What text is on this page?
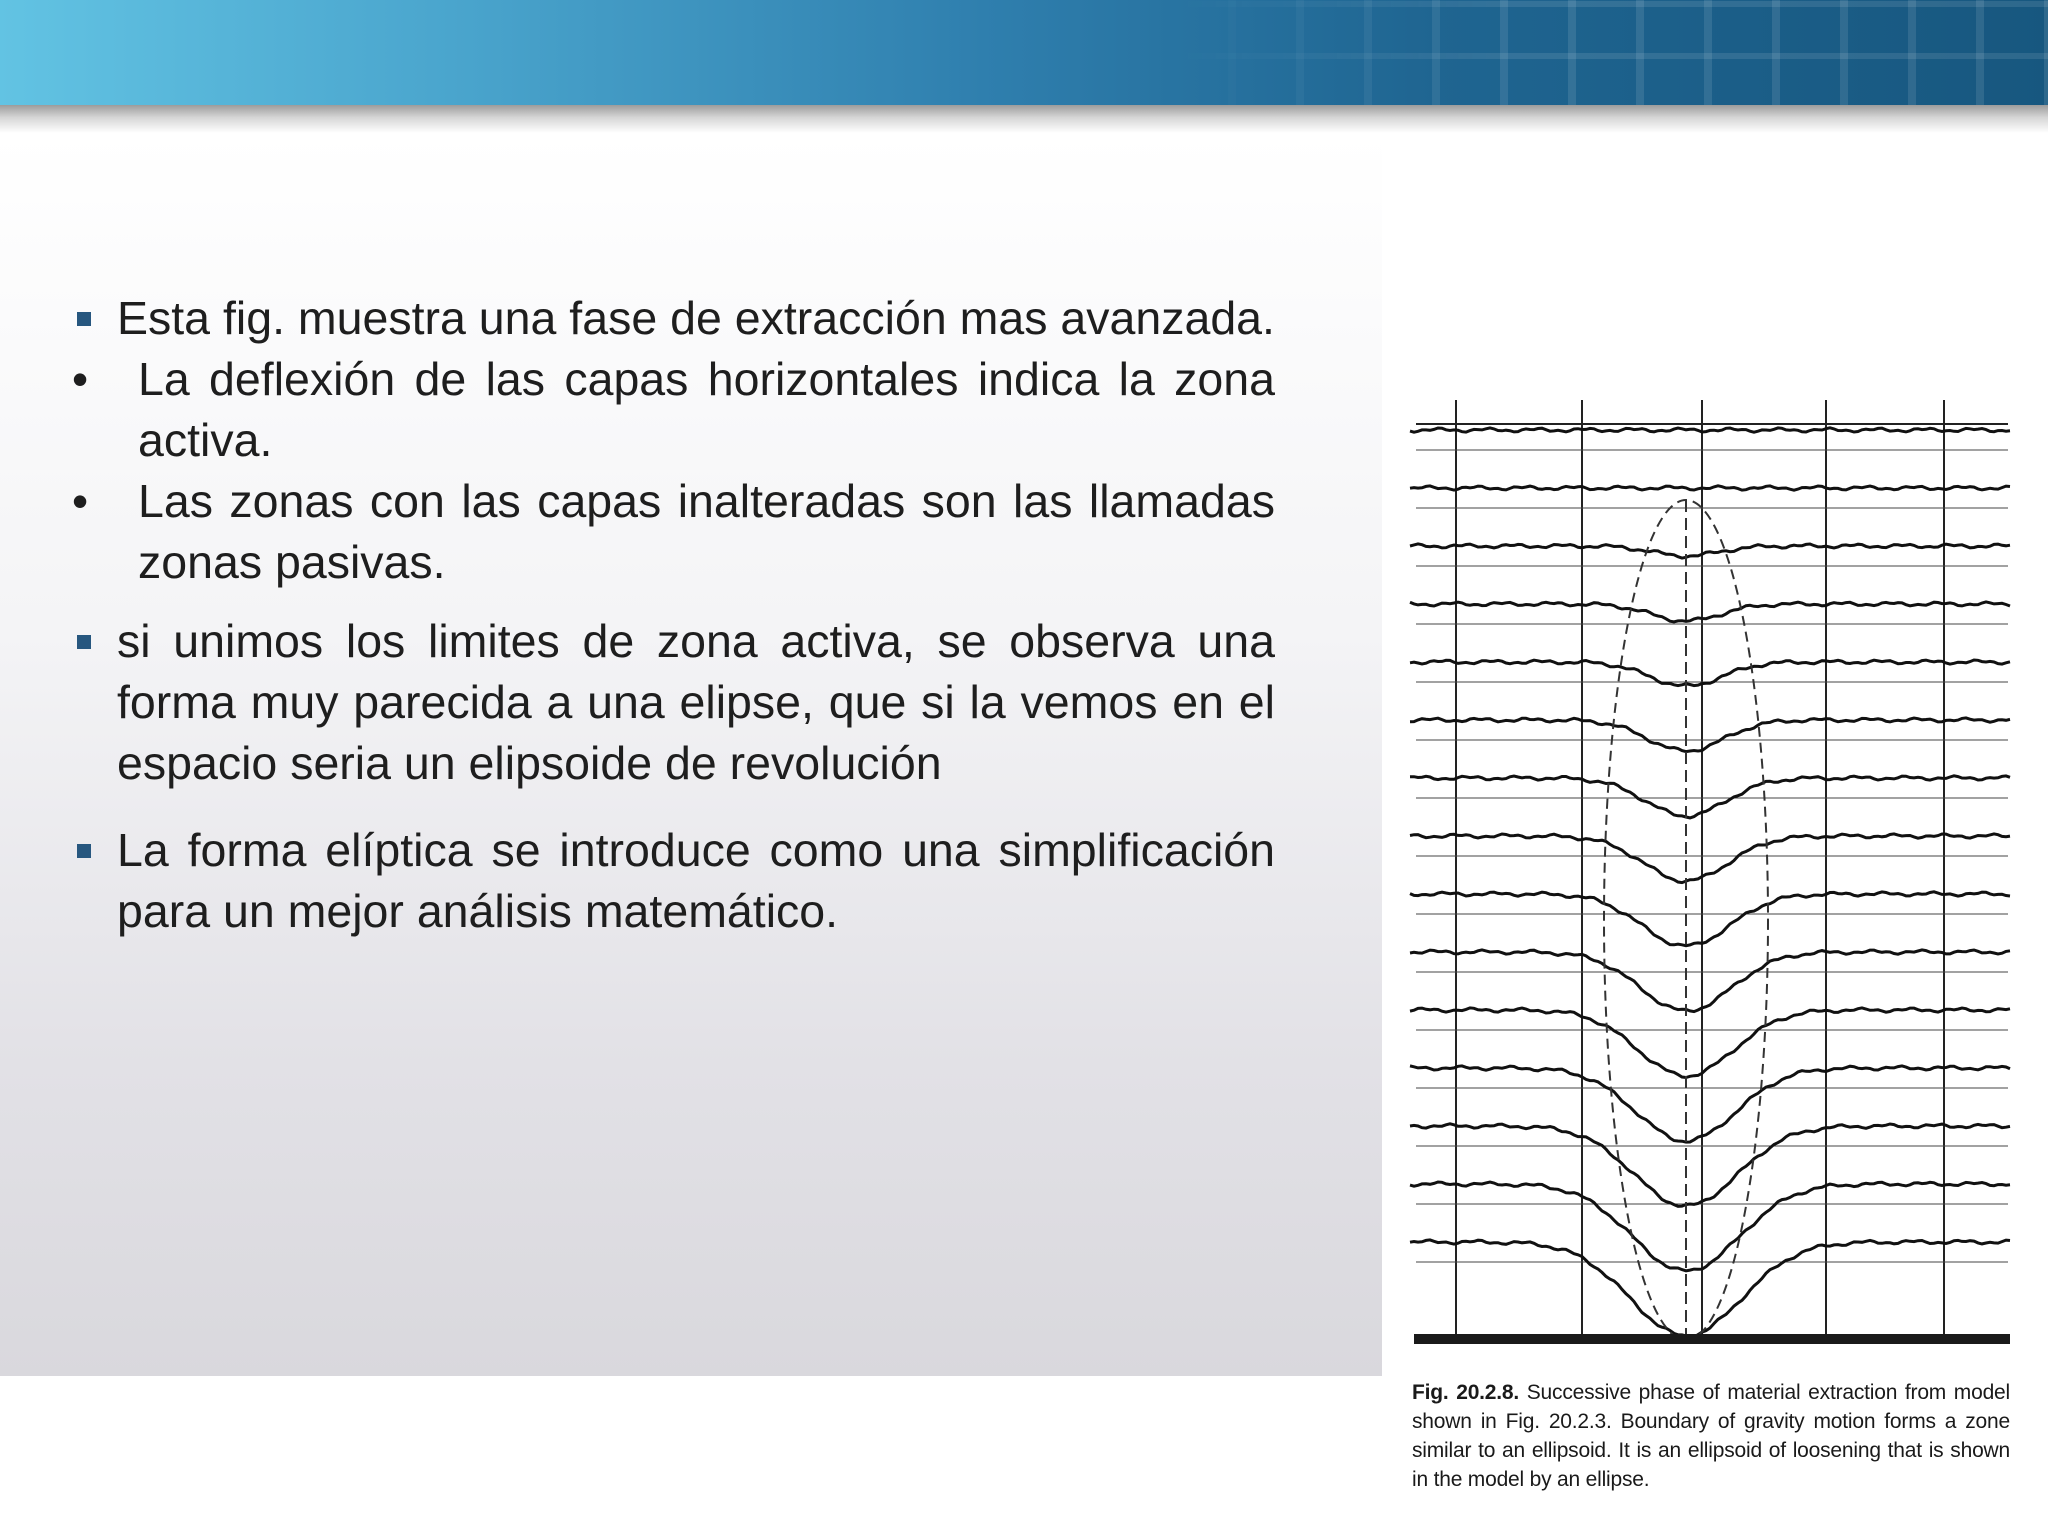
Esta fig. muestra una fase de extracción mas avanzada.
• La deflexión de las capas horizontales indica la zona activa.
• Las zonas con las capas inalteradas son las llamadas zonas pasivas.
si unimos los limites de zona activa, se observa una forma muy parecida a una elipse, que si la vemos en el espacio seria un elipsoide de revolución
La forma elíptica se introduce como una simplificación para un mejor análisis matemático.
Fig. 20.2.8. Successive phase of material extraction from model shown in Fig. 20.2.3. Boundary of gravity motion forms a zone similar to an ellipsoid. It is an ellipsoid of loosening that is shown in the model by an ellipse.
